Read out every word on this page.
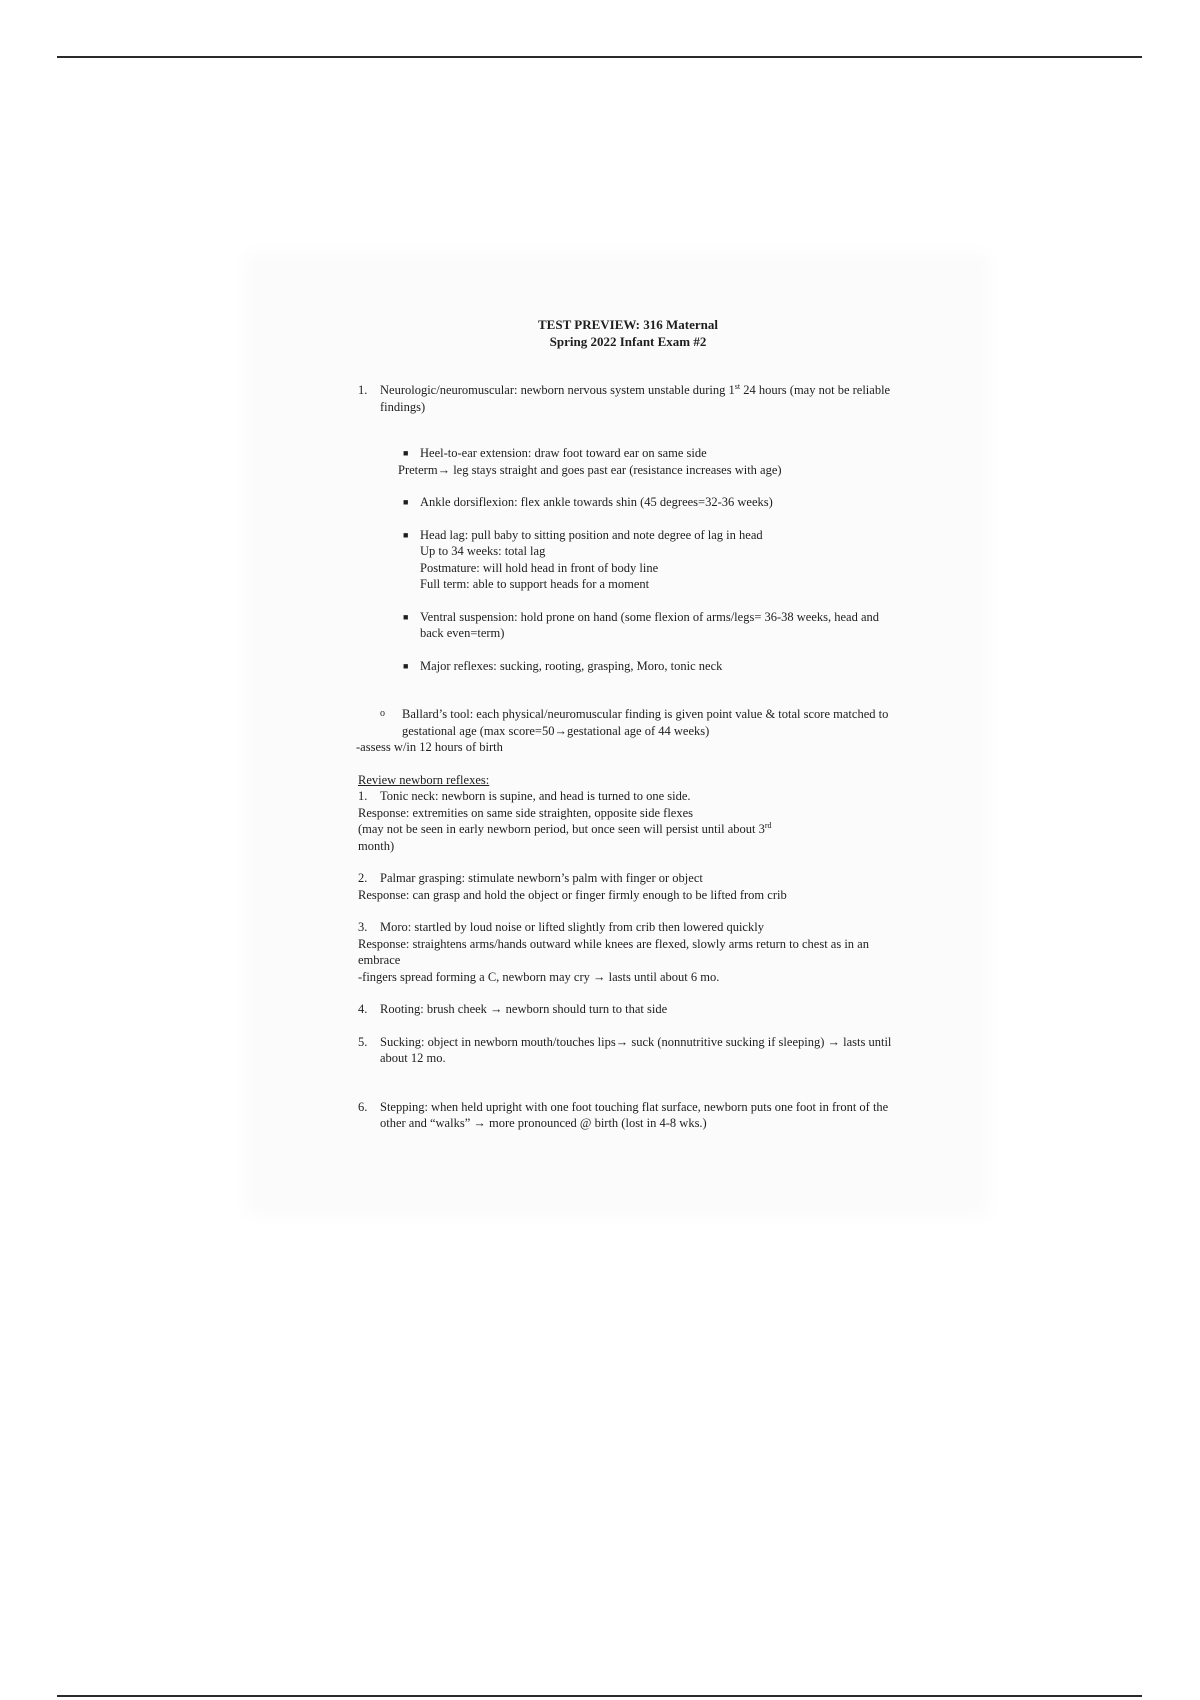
TEST PREVIEW: 316 Maternal
Spring 2022 Infant Exam #2
1. Neurologic/neuromuscular: newborn nervous system unstable during 1st 24 hours (may not be reliable findings)
■ Heel-to-ear extension: draw foot toward ear on same side
Preterm→ leg stays straight and goes past ear (resistance increases with age)
■ Ankle dorsiflexion: flex ankle towards shin (45 degrees=32-36 weeks)
■ Head lag: pull baby to sitting position and note degree of lag in head
Up to 34 weeks: total lag
Postmature: will hold head in front of body line
Full term: able to support heads for a moment
■ Ventral suspension: hold prone on hand (some flexion of arms/legs= 36-38 weeks, head and back even=term)
■ Major reflexes: sucking, rooting, grasping, Moro, tonic neck
o Ballard’s tool: each physical/neuromuscular finding is given point value & total score matched to gestational age (max score=50→gestational age of 44 weeks)
-assess w/in 12 hours of birth

Review newborn reflexes:

1. Tonic neck: newborn is supine, and head is turned to one side.

Response: extremities on same side straighten, opposite side flexes

(may not be seen in early newborn period, but once seen will persist until about 3rd

month)

2. Palmar grasping: stimulate newborn’s palm with finger or object

Response: can grasp and hold the object or finger firmly enough to be lifted from crib

3. Moro: startled by loud noise or lifted slightly from crib then lowered quickly

Response: straightens arms/hands outward while knees are flexed, slowly arms return to chest as in an embrace

-fingers spread forming a C, newborn may cry → lasts until about 6 mo.

4. Rooting: brush cheek → newborn should turn to that side

5. Sucking: object in newborn mouth/touches lips→ suck (nonnutritive sucking if sleeping) → lasts until about 12 mo.

6. Stepping: when held upright with one foot touching flat surface, newborn puts one foot in front of the other and “walks” → more pronounced @ birth (lost in 4-8 wks.)
